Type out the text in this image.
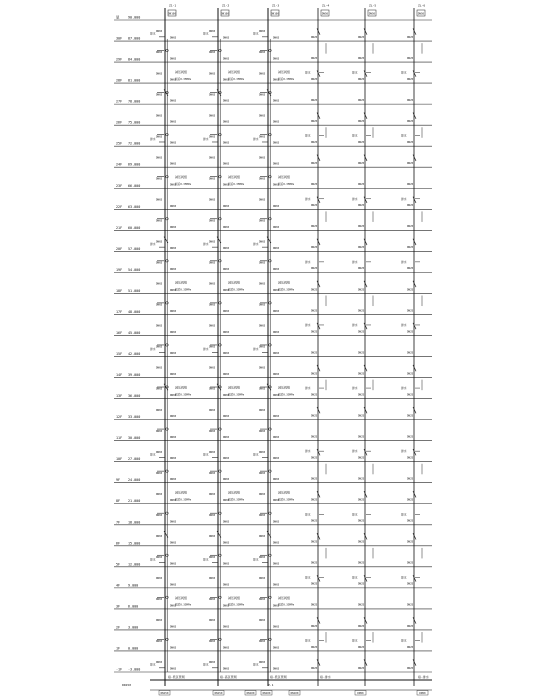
屋	90.000
30F 87.000
29F 84.000
28F 81.000
27F 78.000
26F 75.000
25F 72.000
24F 69.000
23F 66.000
22F 63.000
21F 60.000
20F 57.000
19F 54.000
18F 51.000
17F 48.000
16F 45.000
15F 42.000
14F 39.000
13F 36.000
12F 33.000
11F 30.000
10F 27.000
9F 24.000
8F 21.000
7F 18.000
6F 15.000
5F 12.000
4F 9.000
3F 6.000
2F 3.000
1F 0.000
-1F -3.000
DN100
Z1-1
DN100
Z1-2
DN100
Z1-3
DN50
ZL-4
DN50
ZL-5
DN50
ZL-6
DN65
DN65
排水
DN65
DN65
排水
DN65
DN65
排水
DN25	DN25	DN25
DN65
DN65
DN65
DN65
DN65
DN65	DN25	DN25	DN25
DN65
DN65
减压阀组
阀后0.35MPa
DN65
DN65
减压阀组
阀后0.35MPa
DN65
DN65
减压阀组
阀后0.35MPa	DN25
排水
DN25
排水
DN25
排水
DN65
DN65
DN65
DN65
DN65
DN65	DN25	DN25	DN25
DN65
DN65
DN65
DN65
DN65
DN65	DN25	DN25	DN25
DN65
DN65
排水
DN65
DN65
排水
DN65
DN65
排水
DN25
排水
DN25
排水
DN25
排水
DN65
DN65
DN65
DN65
DN65
DN65	DN25	DN25	DN25
DN65
DN65
减压阀组
阀后0.35MPa
DN65
DN65
减压阀组
阀后0.35MPa
DN65
DN65
减压阀组
阀后0.35MPa	DN25	DN25	DN25
DN65
DN65
DN65
DN65
DN65
DN65	DN25
排水
DN25
排水
DN25
排水
DN65
DN65
DN65
DN65
DN65
DN65	DN25	DN25	DN25
DN65
DN65
排水
DN65
DN65
排水
DN65
DN65
排水
DN25	DN25	DN25
DN65
DN65
DN65
DN65
DN65
DN65	DN25
排水
DN25
排水
DN25
排水
DN65
DN65
减压阀组
阀后0.35MPa
DN65
DN65
减压阀组
阀后0.35MPa
DN65
DN65
减压阀组
阀后0.35MPa	DN25	DN25	DN25
DN65
DN65
DN65
DN65
DN65
DN65	DN25	DN25	DN25
DN65
DN65
DN65
DN65
DN65
DN65	DN25
排水
DN25
排水
DN25
排水
DN65
DN65
排水
DN65
DN65
排水
DN65
DN65
排水
DN25	DN25	DN25
DN65
DN65
DN65
DN65
DN65
DN65	DN25	DN25	DN25
DN65
DN65
减压阀组
阀后0.35MPa
DN65
DN65
减压阀组
阀后0.35MPa
DN65
DN65
减压阀组
阀后0.35MPa	DN25
排水
DN25
排水
DN25
排水
DN65
DN65
DN65
DN65
DN65
DN65	DN25	DN25	DN25
DN65
DN65
DN65
DN65
DN65
DN65	DN25	DN25	DN25
DN65
DN65
排水
DN65
DN65
排水
DN65
DN65
排水
DN25
排水
DN25
排水
DN25
排水
DN65
DN65
DN65
DN65
DN65
DN65	DN25	DN25	DN25
DN65
DN65
减压阀组
阀后0.35MPa
DN65
DN65
减压阀组
阀后0.35MPa
DN65
DN65
减压阀组
阀后0.35MPa	DN25	DN25	DN25
DN65
DN65
DN65
DN65
DN65
DN65	DN25
排水
DN25
排水
DN25
排水
DN65
DN65
DN65
DN65
DN65
DN65	DN25	DN25	DN25
DN65
DN65
排水
DN65
DN65
排水
DN65
DN65
排水
DN25	DN25	DN25
DN65
DN65
DN65
DN65
DN65
DN65	DN25
排水
DN25
排水
DN25
排水
DN65
DN65
减压阀组
阀后0.35MPa
DN65
DN65
减压阀组
阀后0.35MPa
DN65
DN65
减压阀组
阀后0.35MPa	DN25	DN25	DN25
DN65
DN65
DN65
DN65
DN65
DN65	DN25	DN25	DN25
DN65
DN65
DN65
DN65
DN65
DN65	DN25
排水
DN25
排水
DN25
排水
DN65
DN65
排水
DN65
DN65
排水
DN65
DN65
排水
DN25	DN25	DN25
接-低区管网	接-高区管网	接-低区管网	接-排水	接-排水
DN150	DN150	DN100	DN100	DN100	DN50	DN50
P-1
DN150
